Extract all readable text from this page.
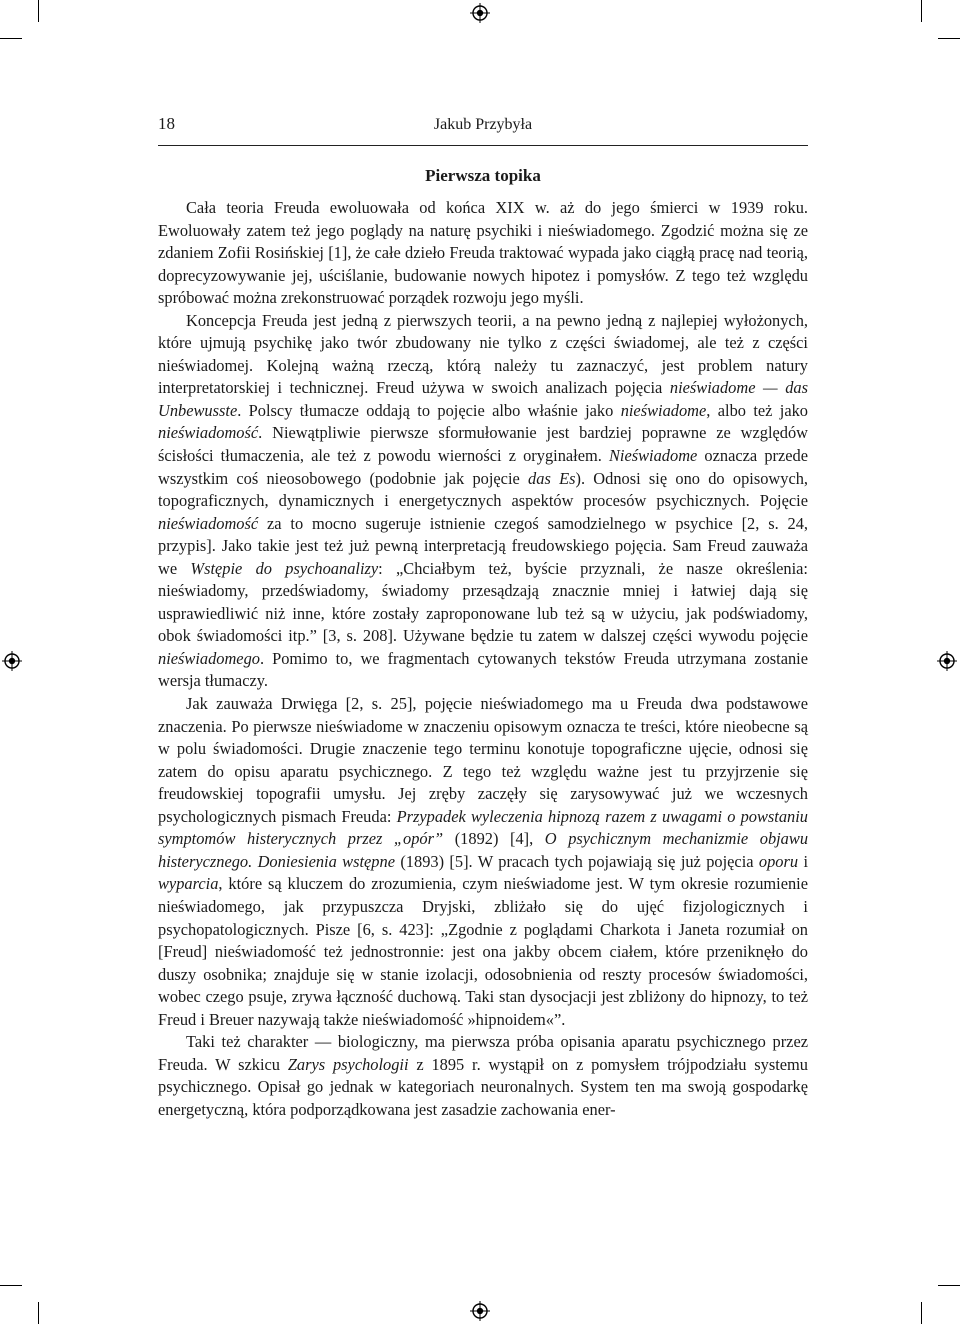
18	Jakub Przybyła
Pierwsza topika

Cała teoria Freuda ewoluowała od końca XIX w. aż do jego śmierci w 1939 roku. Ewoluowały zatem też jego poglądy na naturę psychiki i nieświadomego. Zgodzić można się ze zdaniem Zofii Rosińskiej [1], że całe dzieło Freuda traktować wypada jako ciągłą pracę nad teorią, doprecyzowywanie jej, uściślanie, budowanie nowych hipotez i pomysłów. Z tego też względu spróbować można zrekonstruować porządek rozwoju jego myśli.

Koncepcja Freuda jest jedną z pierwszych teorii, a na pewno jedną z najlepiej wyłożonych, które ujmują psychikę jako twór zbudowany nie tylko z części świadomej, ale też z części nieświadomej. Kolejną ważną rzeczą, którą należy tu zaznaczyć, jest problem natury interpretatorskiej i technicznej. Freud używa w swoich analizach pojęcia nieświadome — das Unbewusste. Polscy tłumacze oddają to pojęcie albo właśnie jako nieświadome, albo też jako nieświadomość. Niewątpliwie pierwsze sformułowanie jest bardziej poprawne ze względów ścisłości tłumaczenia, ale też z powodu wierności z oryginałem. Nieświadome oznacza przede wszystkim coś nieosobowego (podobnie jak pojęcie das Es). Odnosi się ono do opisowych, topograficznych, dynamicznych i energetycznych aspektów procesów psychicznych. Pojęcie nieświadomość za to mocno sugeruje istnienie czegoś samodzielnego w psychice [2, s. 24, przypis]. Jako takie jest też już pewną interpretacją freudowskiego pojęcia. Sam Freud zauważa we Wstępie do psychoanalizy: „Chciałbym też, byście przyznali, że nasze określenia: nieświadomy, przedświadomy, świadomy przesądzają znacznie mniej i łatwiej dają się usprawiedliwić niż inne, które zostały zaproponowane lub też są w użyciu, jak podświadomy, obok świadomości itp.” [3, s. 208]. Używane będzie tu zatem w dalszej części wywodu pojęcie nieświadomego. Pomimo to, we fragmentach cytowanych tekstów Freuda utrzymana zostanie wersja tłumaczy.

Jak zauważa Drwięga [2, s. 25], pojęcie nieświadomego ma u Freuda dwa podstawowe znaczenia. Po pierwsze nieświadome w znaczeniu opisowym oznacza te treści, które nieobecne są w polu świadomości. Drugie znaczenie tego terminu konotuje topograficzne ujęcie, odnosi się zatem do opisu aparatu psychicznego. Z tego też względu ważne jest tu przyjrzenie się freudowskiej topografii umysłu. Jej zręby zaczęły się zarysowywać już we wczesnych psychologicznych pismach Freuda: Przypadek wyleczenia hipnozą razem z uwagami o powstaniu symptomów histerycznych przez „opór” (1892) [4], O psychicznym mechanizmie objawu histerycznego. Doniesienia wstępne (1893) [5]. W pracach tych pojawiają się już pojęcia oporu i wyparcia, które są kluczem do zrozumienia, czym nieświadome jest. W tym okresie rozumienie nieświadomego, jak przypuszcza Dryjski, zbliżało się do ujęć fizjologicznych i psychopatologicznych. Pisze [6, s. 423]: „Zgodnie z poglądami Charkota i Janeta rozumiał on [Freud] nieświadomość też jednostronnie: jest ona jakby obcem ciałem, które przeniknęło do duszy osobnika; znajduje się w stanie izolacji, odosobnienia od reszty procesów świadomości, wobec czego psuje, zrywa łączność duchową. Taki stan dysocjacji jest zbliżony do hipnozy, to też Freud i Breuer nazywają także nieświadomość »hipnoidem«”.

Taki też charakter — biologiczny, ma pierwsza próba opisania aparatu psychicznego przez Freuda. W szkicu Zarys psychologii z 1895 r. wystąpił on z pomysłem trójpodziału systemu psychicznego. Opisał go jednak w kategoriach neuronalnych. System ten ma swoją gospodarkę energetyczną, która podporządkowana jest zasadzie zachowania ener-
